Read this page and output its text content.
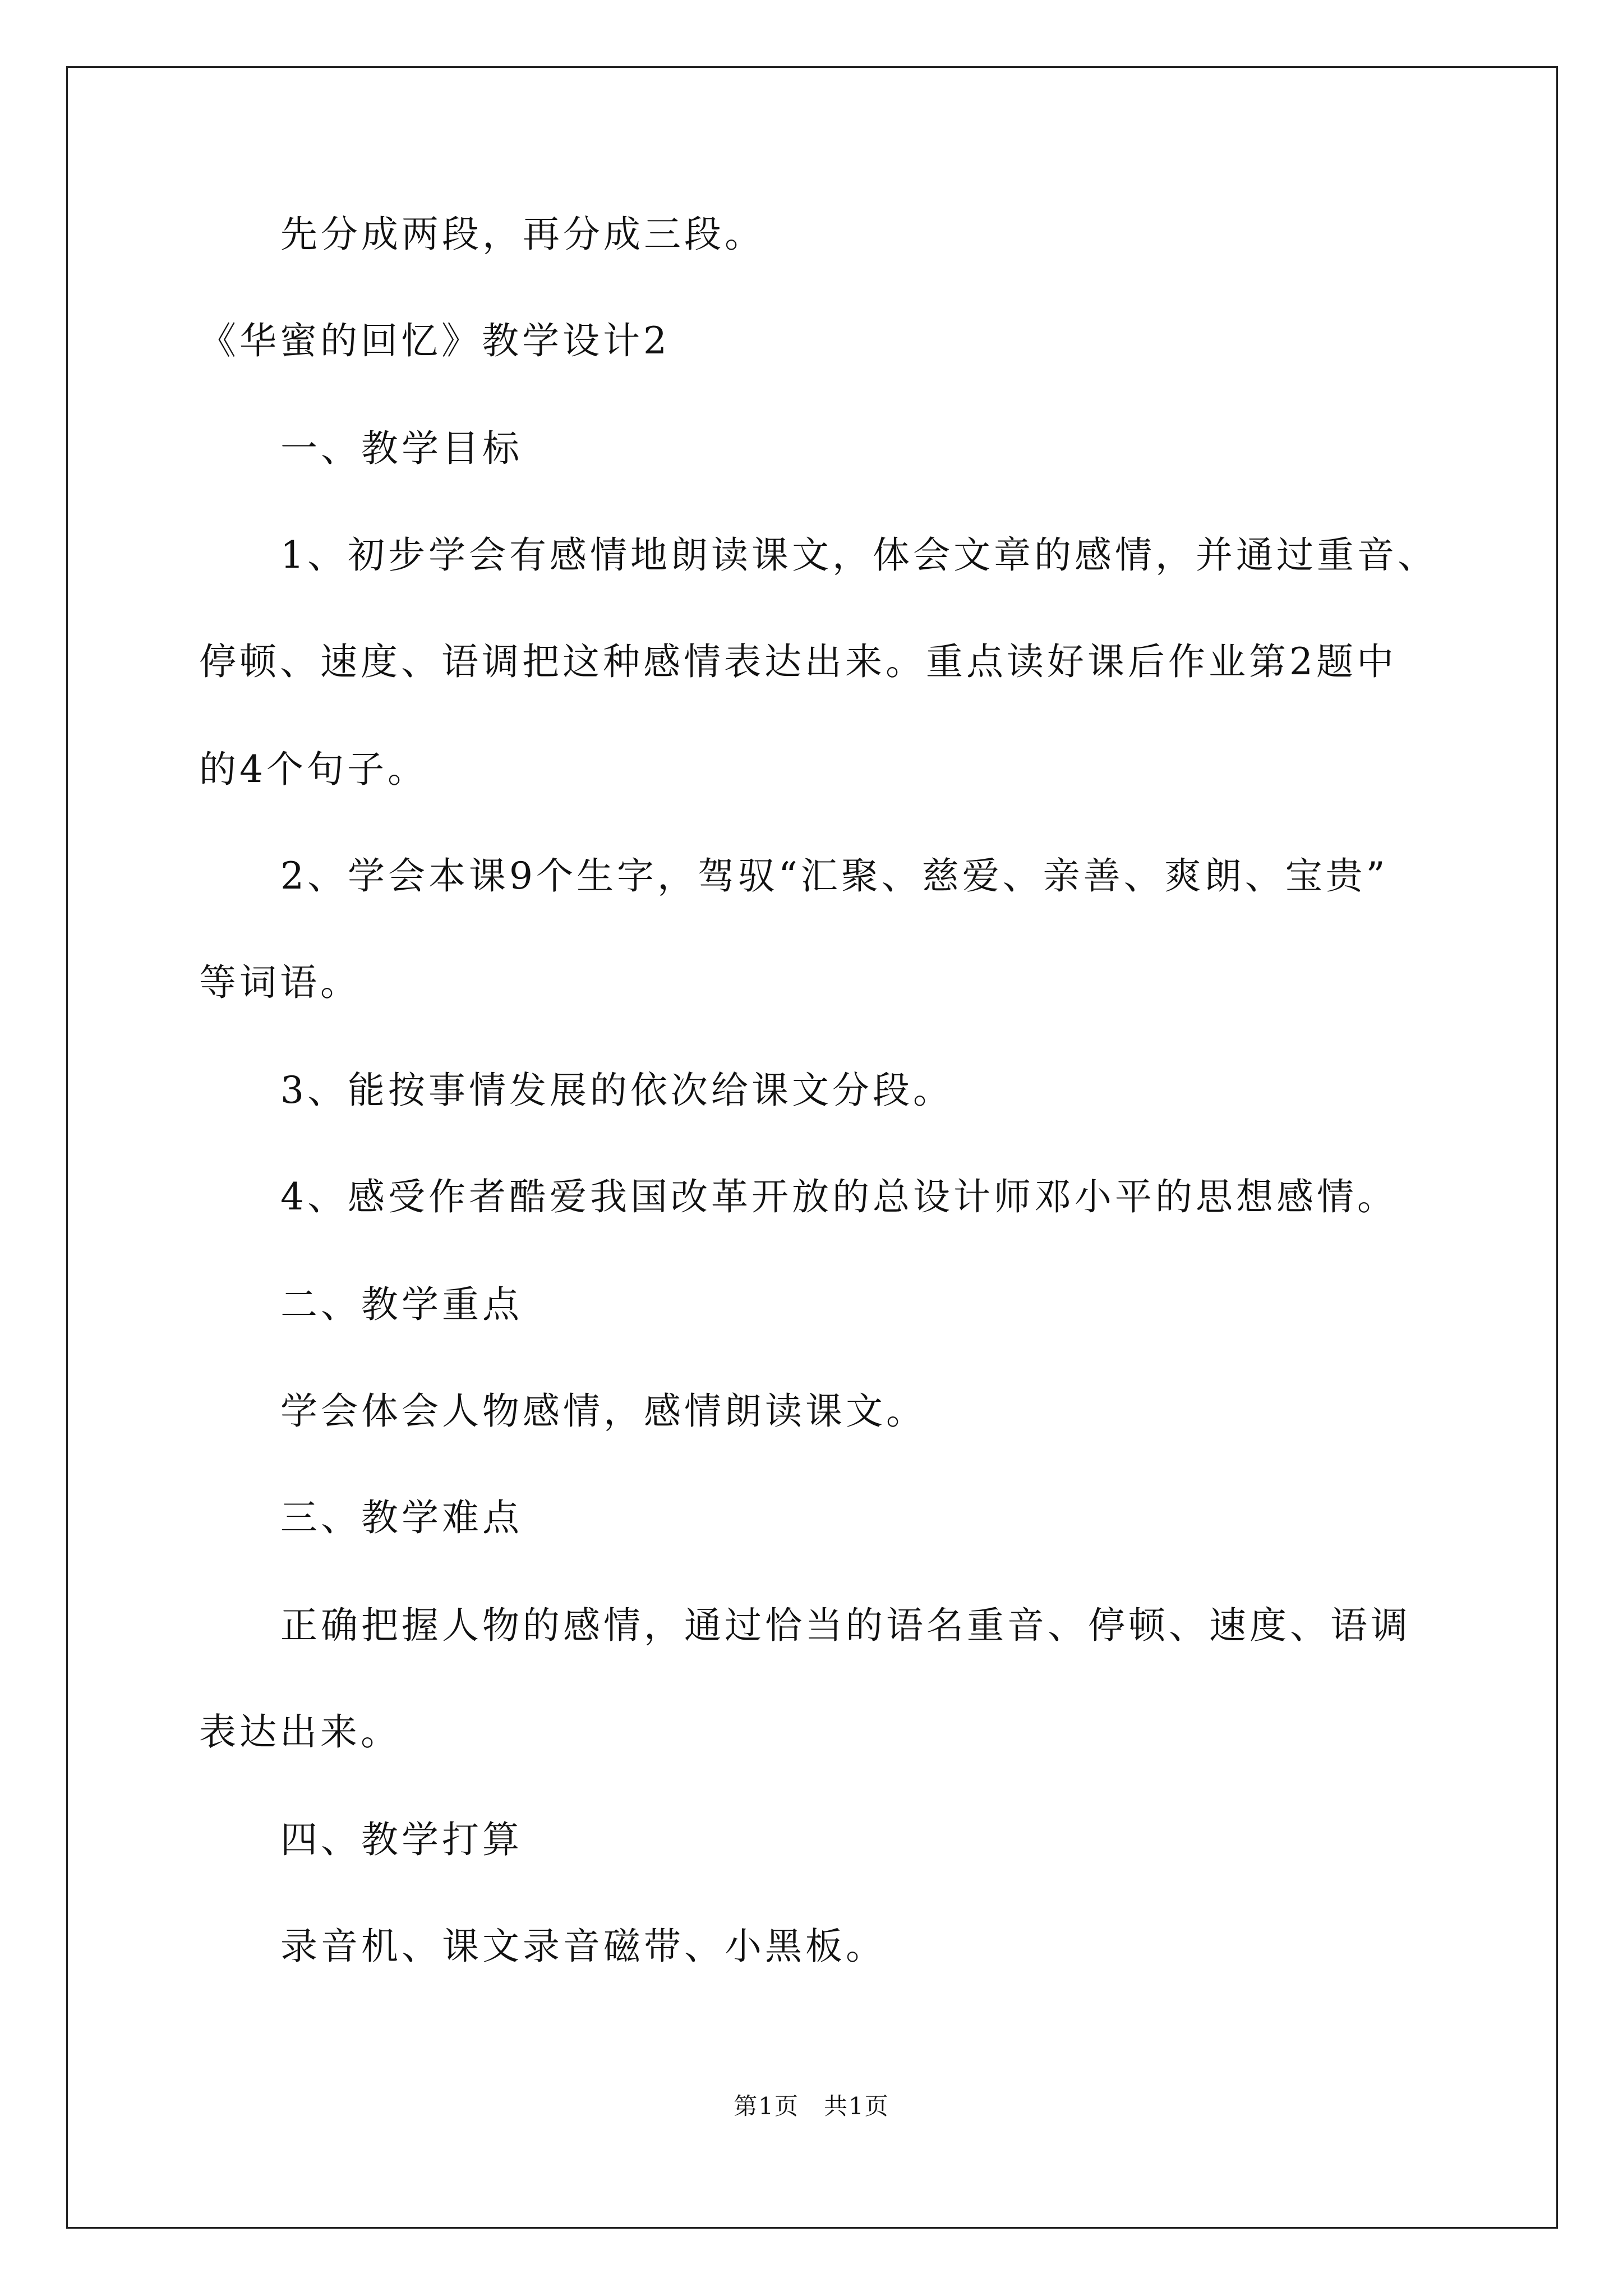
先分成两段，再分成三段。
《华蜜的回忆》教学设计2
一、教学目标
1、初步学会有感情地朗读课文，体会文章的感情，并通过重音、
停顿、速度、语调把这种感情表达出来。重点读好课后作业第2题中
的4个句子。
2、学会本课9个生字，驾驭“汇聚、慈爱、亲善、爽朗、宝贵”
等词语。
3、能按事情发展的依次给课文分段。
4、感受作者酷爱我国改革开放的总设计师邓小平的思想感情。
二、教学重点
学会体会人物感情，感情朗读课文。
三、教学难点
正确把握人物的感情，通过恰当的语名重音、停顿、速度、语调
表达出来。
四、教学打算
录音机、课文录音磁带、小黑板。
第1页　共1页
